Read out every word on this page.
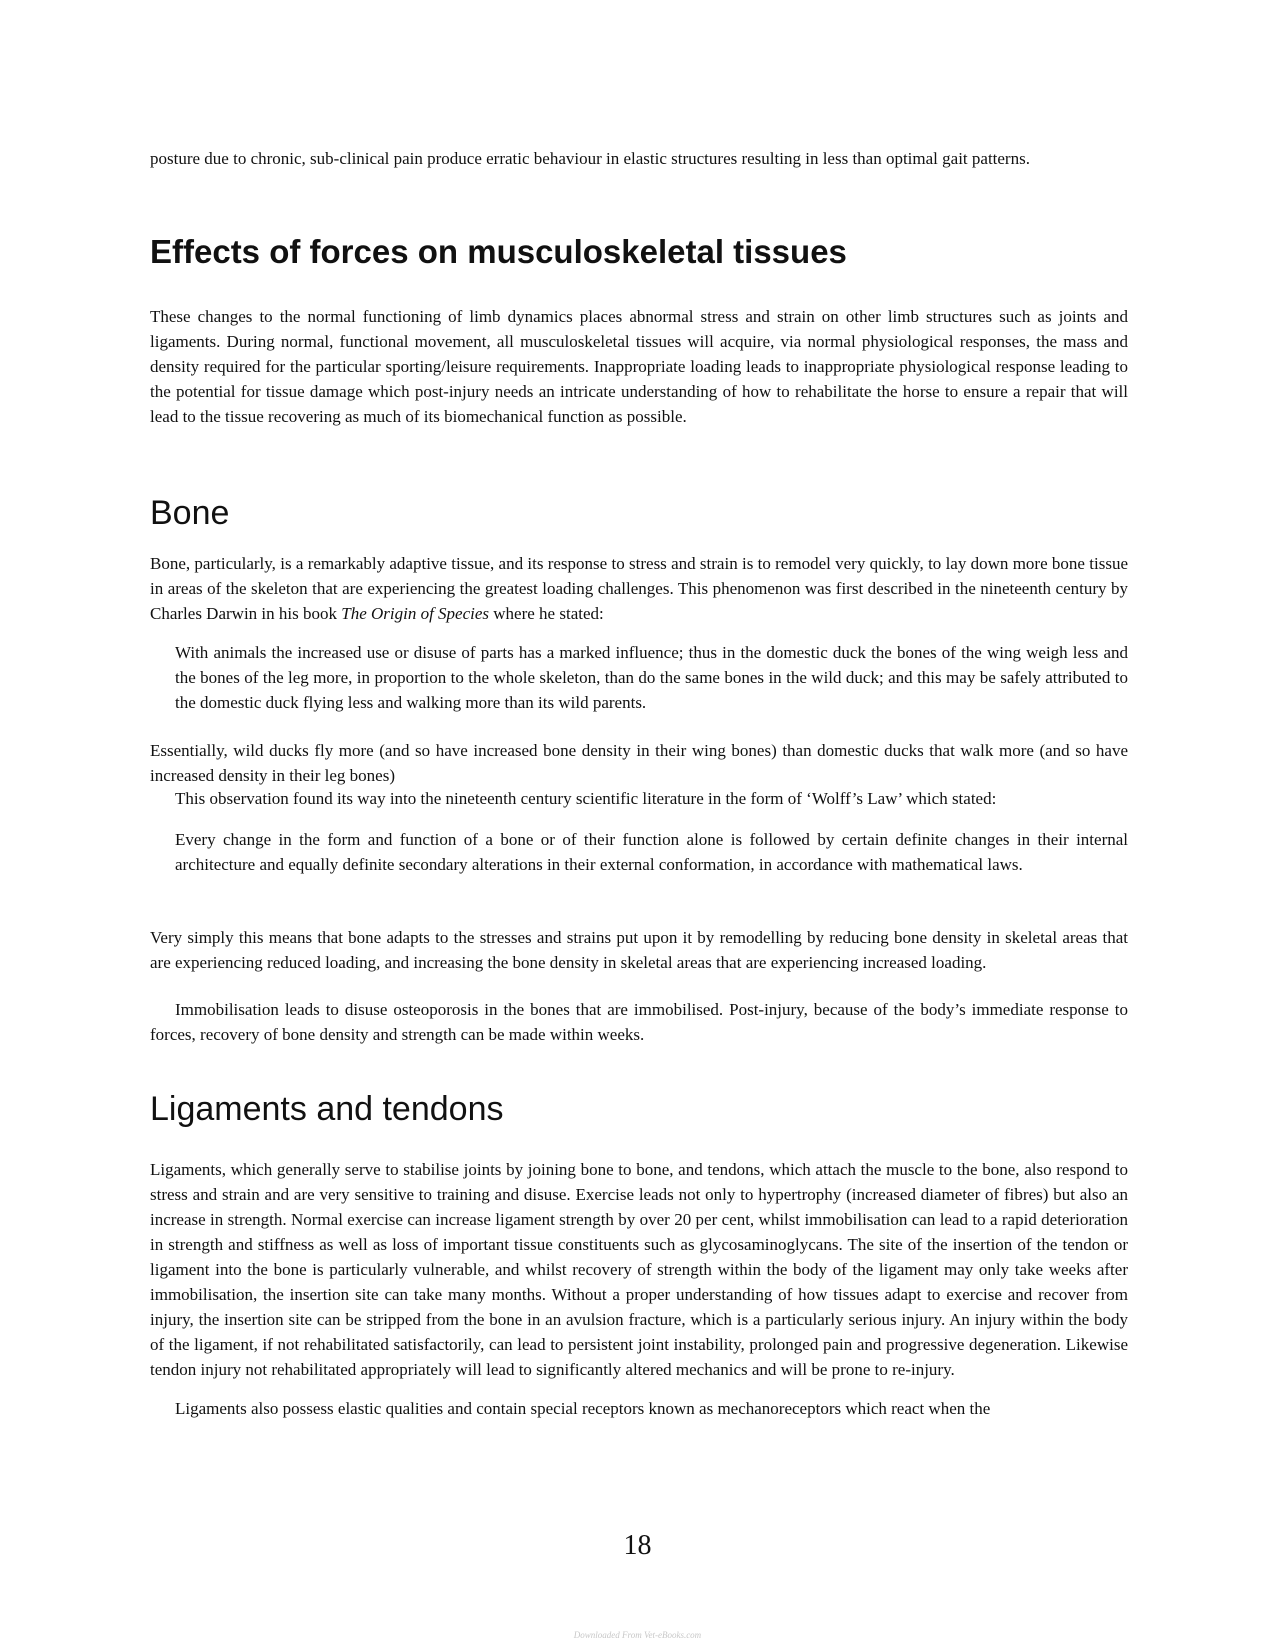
posture due to chronic, sub-clinical pain produce erratic behaviour in elastic structures resulting in less than optimal gait patterns.

Effects of forces on musculoskeletal tissues

These changes to the normal functioning of limb dynamics places abnormal stress and strain on other limb structures such as joints and ligaments. During normal, functional movement, all musculoskeletal tissues will acquire, via normal physiological responses, the mass and density required for the particular sporting/leisure requirements. Inappropriate loading leads to inappropriate physiological response leading to the potential for tissue damage which post-injury needs an intricate understanding of how to rehabilitate the horse to ensure a repair that will lead to the tissue recovering as much of its biomechanical function as possible.

Bone

Bone, particularly, is a remarkably adaptive tissue, and its response to stress and strain is to remodel very quickly, to lay down more bone tissue in areas of the skeleton that are experiencing the greatest loading challenges. This phenomenon was first described in the nineteenth century by Charles Darwin in his book The Origin of Species where he stated:

With animals the increased use or disuse of parts has a marked influence; thus in the domestic duck the bones of the wing weigh less and the bones of the leg more, in proportion to the whole skeleton, than do the same bones in the wild duck; and this may be safely attributed to the domestic duck flying less and walking more than its wild parents.

Essentially, wild ducks fly more (and so have increased bone density in their wing bones) than domestic ducks that walk more (and so have increased density in their leg bones)

This observation found its way into the nineteenth century scientific literature in the form of ‘Wolff’s Law’ which stated:

Every change in the form and function of a bone or of their function alone is followed by certain definite changes in their internal architecture and equally definite secondary alterations in their external conformation, in accordance with mathematical laws.

Very simply this means that bone adapts to the stresses and strains put upon it by remodelling by reducing bone density in skeletal areas that are experiencing reduced loading, and increasing the bone density in skeletal areas that are experiencing increased loading.

Immobilisation leads to disuse osteoporosis in the bones that are immobilised. Post-injury, because of the body’s immediate response to forces, recovery of bone density and strength can be made within weeks.

Ligaments and tendons

Ligaments, which generally serve to stabilise joints by joining bone to bone, and tendons, which attach the muscle to the bone, also respond to stress and strain and are very sensitive to training and disuse. Exercise leads not only to hypertrophy (increased diameter of fibres) but also an increase in strength. Normal exercise can increase ligament strength by over 20 per cent, whilst immobilisation can lead to a rapid deterioration in strength and stiffness as well as loss of important tissue constituents such as glycosaminoglycans. The site of the insertion of the tendon or ligament into the bone is particularly vulnerable, and whilst recovery of strength within the body of the ligament may only take weeks after immobilisation, the insertion site can take many months. Without a proper understanding of how tissues adapt to exercise and recover from injury, the insertion site can be stripped from the bone in an avulsion fracture, which is a particularly serious injury. An injury within the body of the ligament, if not rehabilitated satisfactorily, can lead to persistent joint instability, prolonged pain and progressive degeneration. Likewise tendon injury not rehabilitated appropriately will lead to significantly altered mechanics and will be prone to re-injury.

Ligaments also possess elastic qualities and contain special receptors known as mechanoreceptors which react when the

18
Downloaded From Vet-eBooks.com
